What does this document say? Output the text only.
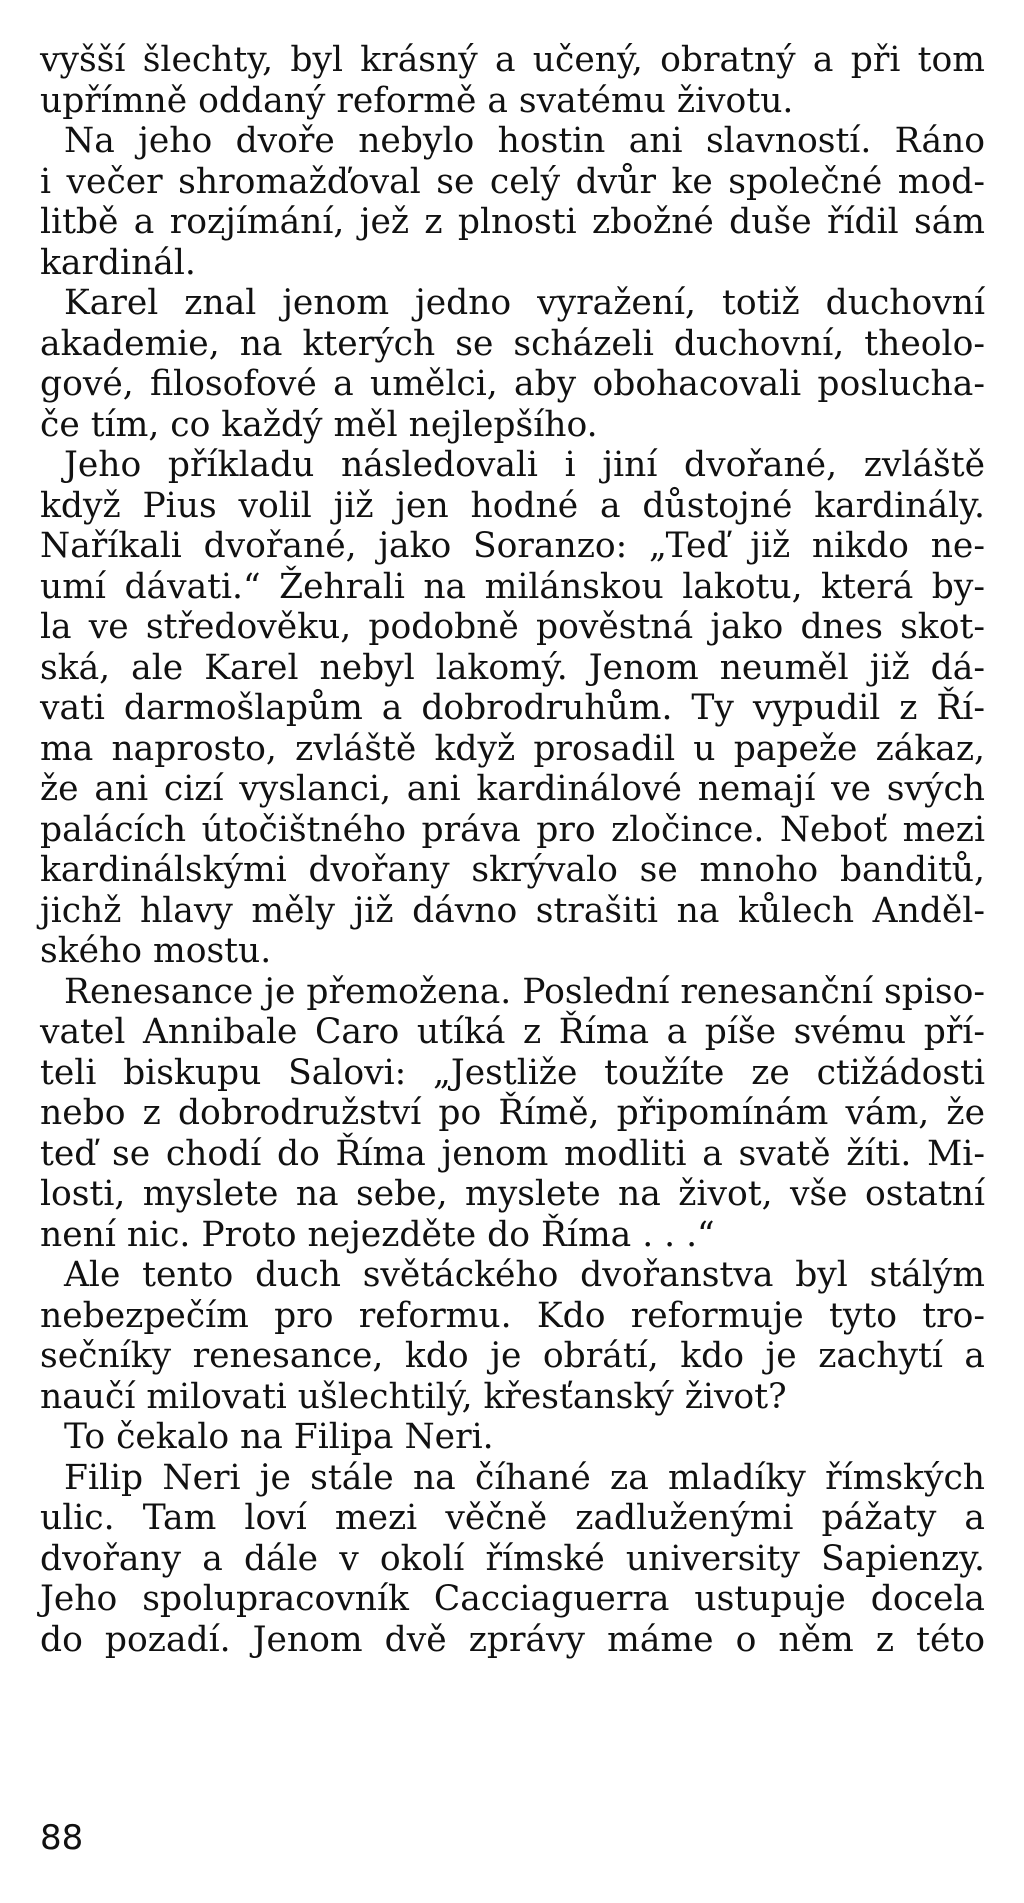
vyšší šlechty, byl krásný a učený, obratný a při tom
upřímně oddaný reformě a svatému životu.
Na jeho dvoře nebylo hostin ani slavností. Ráno
i večer shromažďoval se celý dvůr ke společné mod-
litbě a rozjímání, jež z plnosti zbožné duše řídil sám
kardinál.
Karel znal jenom jedno vyražení, totiž duchovní
akademie, na kterých se scházeli duchovní, theolo-
gové, filosofové a umělci, aby obohacovali posluchа-
če tím, co každý měl nejlepšího.
Jeho příkladu následovali i jiní dvořané, zvláště
když Pius volil již jen hodné a důstojné kardinály.
Naříkali dvořané, jako Soranzo: „Teď již nikdo ne-
umí dávati.“ Žehrali na milánskou lakotu, která by-
la ve středověku, podobně pověstná jako dnes skot-
ská, ale Karel nebyl lakomý. Jenom neuměl již dá-
vati darmošlapům a dobrodruhům. Ty vypudil z Ří-
ma naprosto, zvláště když prosadil u papeže zákaz,
že ani cizí vyslanci, ani kardinálové nemají ve svých
palácích útočištného práva pro zločince. Neboť mezi
kardinálskými dvořany skrývalo se mnoho banditů,
jichž hlavy měly již dávno strašiti na kůlech Anděl-
ského mostu.
Renesance je přemožena. Poslední renesanční spiso-
vatel Annibale Caro utíká z Říma a píše svému pří-
teli biskupu Salovi: „Jestliže toužíte ze ctižádosti
nebo z dobrodružství po Římě, připomínám vám, že
teď se chodí do Říma jenom modliti a svatě žíti. Mi-
losti, myslete na sebe, myslete na život, vše ostatní
není nic. Proto nejezděte do Říma . . .“
Ale tento duch světáckého dvořanstva byl stálým
nebezpečím pro reformu. Kdo reformuje tyto tro-
sečníky renesance, kdo je obrátí, kdo je zachytí a
naučí milovati ušlechtilý, křesťanský život?
To čekalo na Filipa Neri.
Filip Neri je stále na číhané za mladíky římských
ulic. Tam loví mezi věčně zadluženými pážaty a
dvořany a dále v okolí římské university Sapienzy.
Jeho spolupracovník Cacciaguerra ustupuje docela
do pozadí. Jenom dvě zprávy máme o něm z této
88
